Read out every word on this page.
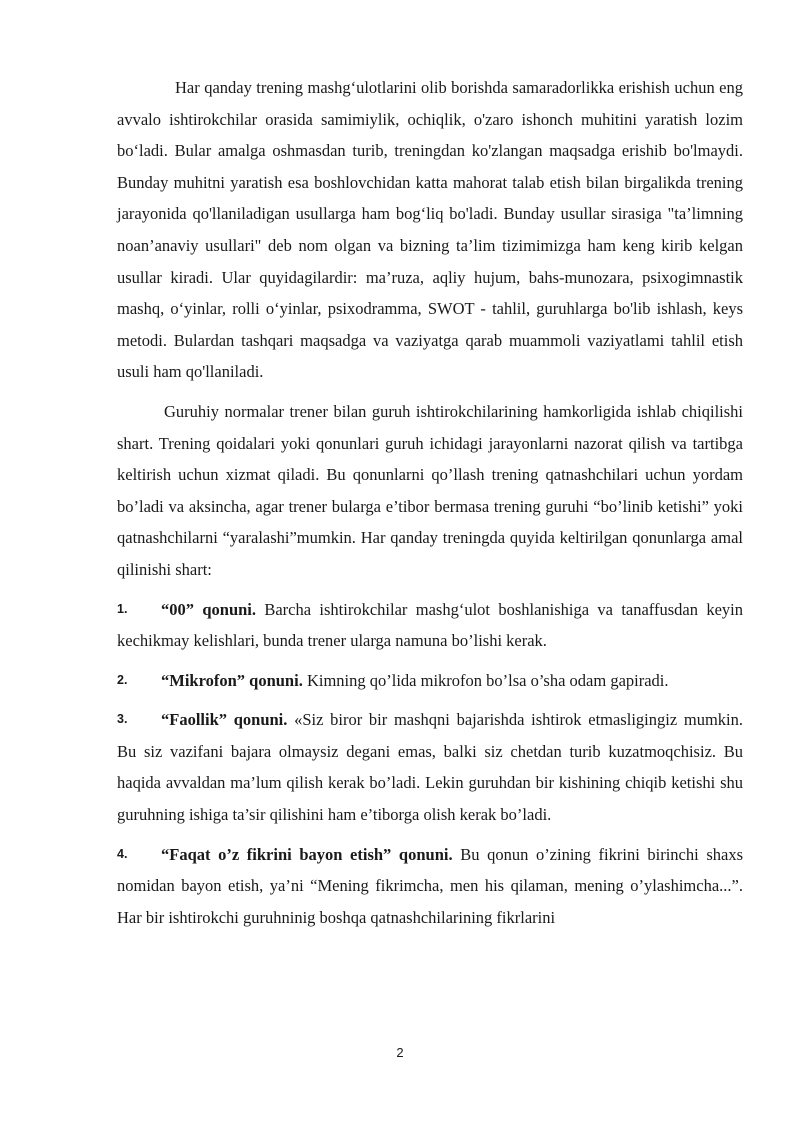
Har qanday trening mashg‘ulotlarini olib borishda samaradorlikka erishish uchun eng avvalo ishtirokchilar orasida samimiylik, ochiqlik, o'zaro ishonch muhitini yaratish lozim bo‘ladi. Bular amalga oshmasdan turib, treningdan ko'zlangan maqsadga erishib bo'lmaydi. Bunday muhitni yaratish esa boshlovchidan katta mahorat talab etish bilan birgalikda trening jarayonida qo'llaniladigan usullarga ham bog‘liq bo'ladi. Bunday usullar sirasiga "ta’limning noan’anaviy usullari" deb nom olgan va bizning ta’lim tizimimizga ham keng kirib kelgan usullar kiradi. Ular quyidagilardir: ma’ruza, aqliy hujum, bahs-munozara, psixogimnastik mashq, o‘yinlar, rolli o‘yinlar, psixodramma, SWOT - tahlil, guruhlarga bo'lib ishlash, keys metodi. Bulardan tashqari maqsadga va vaziyatga qarab muammoli vaziyatlami tahlil etish usuli ham qo'llaniladi.

Guruhiy normalar trener bilan guruh ishtirokchilarining hamkorligida ishlab chiqilishi shart. Trening qoidalari yoki qonunlari guruh ichidagi jarayonlarni nazorat qilish va tartibga keltirish uchun xizmat qiladi. Bu qonunlarni qo’llash trening qatnashchilari uchun yordam bo’ladi va aksincha, agar trener bularga e’tibor bermasa trening guruhi “bo’linib ketishi” yoki qatnashchilarni “yaralashi”mumkin. Har qanday treningda quyida keltirilgan qonunlarga amal qilinishi shart:

1. “00” qonuni. Barcha ishtirokchilar mashg‘ulot boshlanishiga va tanaffusdan keyin kechikmay kelishlari, bunda trener ularga namuna bo’lishi kerak.
2. “Mikrofon” qonuni. Kimning qo’lida mikrofon bo’lsa o’sha odam gapiradi.
3. “Faollik” qonuni. «Siz biror bir mashqni bajarishda ishtirok etmasligingiz mumkin. Bu siz vazifani bajara olmaysiz degani emas, balki siz chetdan turib kuzatmoqchisiz. Bu haqida avvaldan ma’lum qilish kerak bo’ladi. Lekin guruhdan bir kishining chiqib ketishi shu guruhning ishiga ta’sir qilishini ham e’tiborga olish kerak bo’ladi.
4. “Faqat o’z fikrini bayon etish” qonuni. Bu qonun o’zining fikrini birinchi shaxs nomidan bayon etish, ya’ni “Mening fikrimcha, men his qilaman, mening o’ylashimcha...”. Har bir ishtirokchi guruhninig boshqa qatnashchilarining fikrlarini
2
